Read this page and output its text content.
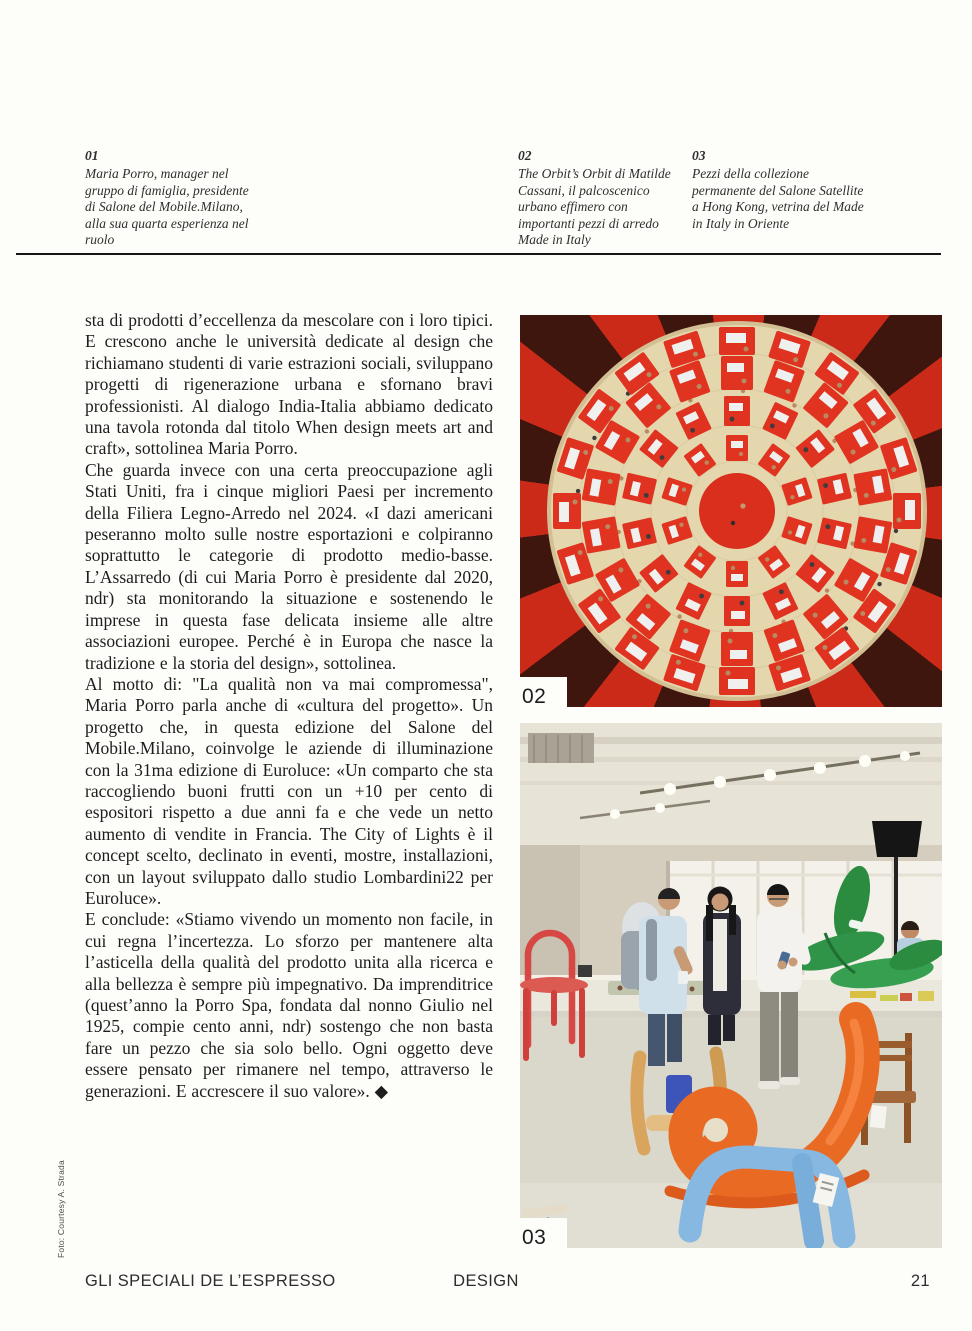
01
Maria Porro, manager nel gruppo di famiglia, presidente di Salone del Mobile.Milano, alla sua quarta esperienza nel ruolo
02
The Orbit’s Orbit di Matilde Cassani, il palcoscenico urbano effimero con importanti pezzi di arredo Made in Italy
03
Pezzi della collezione permanente del Salone Satellite a Hong Kong, vetrina del Made in Italy in Oriente

sta di prodotti d’eccellenza da mescolare con i loro tipici. E crescono anche le università dedicate al design che richiamano studenti di varie estrazioni sociali, sviluppano progetti di rigenerazione urbana e sfornano bravi professionisti. Al dialogo India-Italia abbiamo dedicato una tavola rotonda dal titolo When design meets art and craft», sottolinea Maria Porro.

Che guarda invece con una certa preoccupazione agli Stati Uniti, fra i cinque migliori Paesi per incremento della Filiera Legno-Arredo nel 2024. «I dazi americani peseranno molto sulle nostre esportazioni e colpiranno soprattutto le categorie di prodotto medio-basse. L’Assarredo (di cui Maria Porro è presidente dal 2020, ndr) sta monitorando la situazione e sostenendo le imprese in questa fase delicata insieme alle altre associazioni europee. Perché è in Europa che nasce la tradizione e la storia del design», sottolinea.

Al motto di: "La qualità non va mai compromessa", Maria Porro parla anche di «cultura del progetto». Un progetto che, in questa edizione del Salone del Mobile.Milano, coinvolge le aziende di illuminazione con la 31ma edizione di Euroluce: «Un comparto che sta raccogliendo buoni frutti con un +10 per cento di espositori rispetto a due anni fa e che vede un netto aumento di vendite in Francia. The City of Lights è il concept scelto, declinato in eventi, mostre, installazioni, con un layout sviluppato dallo studio Lombardini22 per Euroluce».

E conclude: «Stiamo vivendo un momento non facile, in cui regna l’incertezza. Lo sforzo per mantenere alta l’asticella della qualità del prodotto unita alla ricerca e alla bellezza è sempre più impegnativo. Da imprenditrice (quest’anno la Porro Spa, fondata dal nonno Giulio nel 1925, compie cento anni, ndr) sostengo che non basta fare un pezzo che sia solo bello. Ogni oggetto deve essere pensato per rimanere nel tempo, attraverso le generazioni. E accrescere il suo valore». ◆

Foto: Courtesy A. Strada
02
03
GLI SPECIALI DE L’ESPRESSO	DESIGN	21
